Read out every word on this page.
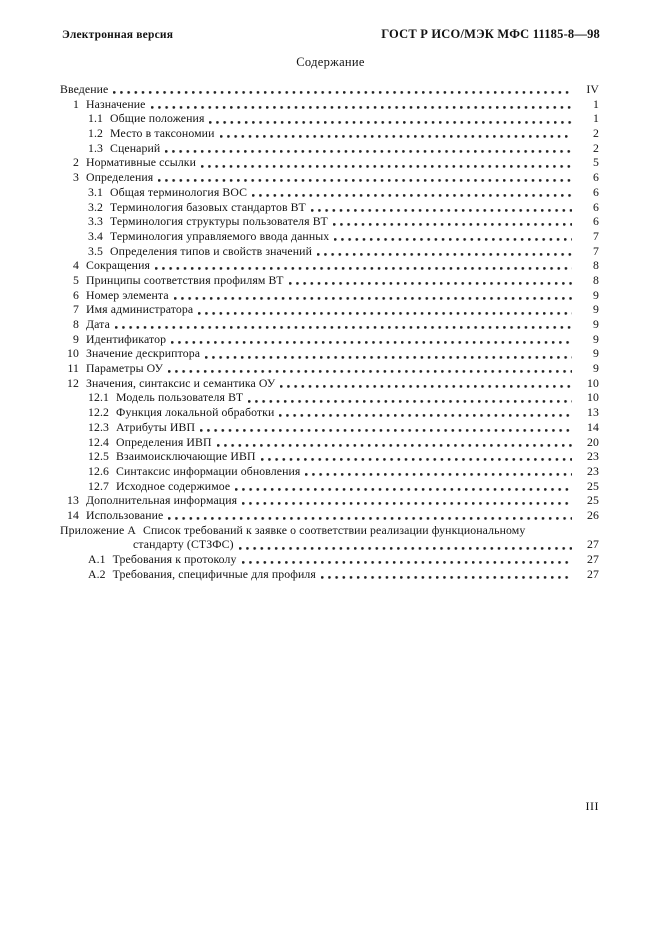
Электронная версия	ГОСТ Р ИСО/МЭК МФС 11185-8—98
Содержание
Введение	IV
1 Назначение	1
1.1 Общие положения	1
1.2 Место в таксономии	2
1.3 Сценарий	2
2 Нормативные ссылки	5
3 Определения	6
3.1 Общая терминология ВОС	6
3.2 Терминология базовых стандартов ВТ	6
3.3 Терминология структуры пользователя ВТ	6
3.4 Терминология управляемого ввода данных	7
3.5 Определения типов и свойств значений	7
4 Сокращения	8
5 Принципы соответствия профилям ВТ	8
6 Номер элемента	9
7 Имя администратора	9
8 Дата	9
9 Идентификатор	9
10 Значение дескриптора	9
11 Параметры ОУ	9
12 Значения, синтаксис и семантика ОУ	10
12.1 Модель пользователя ВТ	10
12.2 Функция локальной обработки	13
12.3 Атрибуты ИВП	14
12.4 Определения ИВП	20
12.5 Взаимоисключающие ИВП	23
12.6 Синтаксис информации обновления	23
12.7 Исходное содержимое	25
13 Дополнительная информация	25
14 Использование	26
Приложение А Список требований к заявке о соответствии реализации функциональному
стандарту (СТЗФС)	27
А.1 Требования к протоколу	27
А.2 Требования, специфичные для профиля	27
III
